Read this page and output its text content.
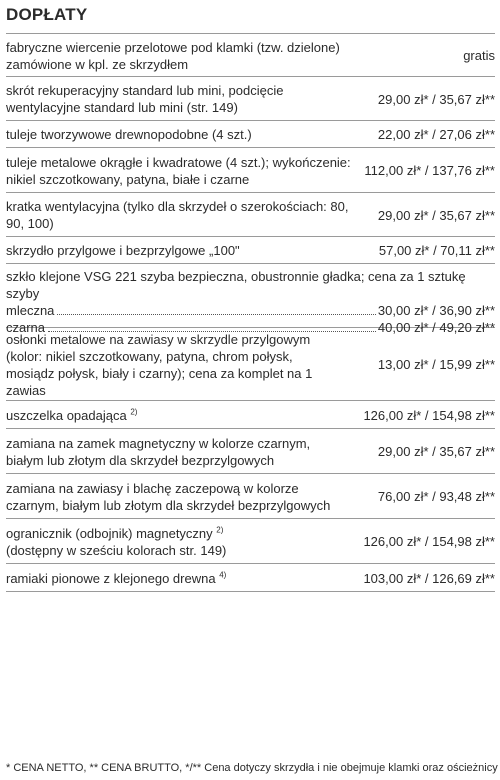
DOPŁATY
fabryczne wiercenie przelotowe pod klamki (tzw. dzielone) zamówione w kpl. ze skrzydłem
gratis
skrót rekuperacyjny standard lub mini, podcięcie wentylacyjne standard lub mini (str. 149)
29,00 zł* / 35,67 zł**
tuleje tworzywowe drewnopodobne (4 szt.)	22,00 zł* / 27,06 zł**
tuleje metalowe okrągłe i kwadratowe (4 szt.); wykończenie: nikiel szczotkowany, patyna, białe i czarne
112,00 zł* / 137,76 zł**
kratka wentylacyjna (tylko dla skrzydeł o szerokościach: 80, 90, 100)
29,00 zł* / 35,67 zł**
skrzydło przylgowe i bezprzylgowe „100"	57,00 zł* / 70,11 zł**
szkło klejone VSG 221 szyba bezpieczna, obustronnie gładka; cena za 1 sztukę szyby
mleczna	30,00 zł* / 36,90 zł**
czarna	40,00 zł* / 49,20 zł**
osłonki metalowe na zawiasy w skrzydle przylgowym (kolor: nikiel szczotkowany, patyna, chrom połysk, mosiądz połysk, biały i czarny); cena za komplet na 1 zawias
13,00 zł* / 15,99 zł**
uszczelka opadająca $^{2)}$	126,00 zł* / 154,98 zł**
zamiana na zamek magnetyczny w kolorze czarnym, białym lub złotym dla skrzydeł bezprzylgowych
29,00 zł* / 35,67 zł**
zamiana na zawiasy i blachę zaczepową w kolorze czarnym, białym lub złotym dla skrzydeł bezprzylgowych
76,00 zł* / 93,48 zł**
ogranicznik (odbojnik) magnetyczny $^{2)}$
(dostępny w sześciu kolorach str. 149)
126,00 zł* / 154,98 zł**
ramiaki pionowe z klejonego drewna $^{4)}$	103,00 zł* / 126,69 zł**
* CENA NETTO, ** CENA BRUTTO, */** Cena dotyczy skrzydła i nie obejmuje klamki oraz ościeżnicy
